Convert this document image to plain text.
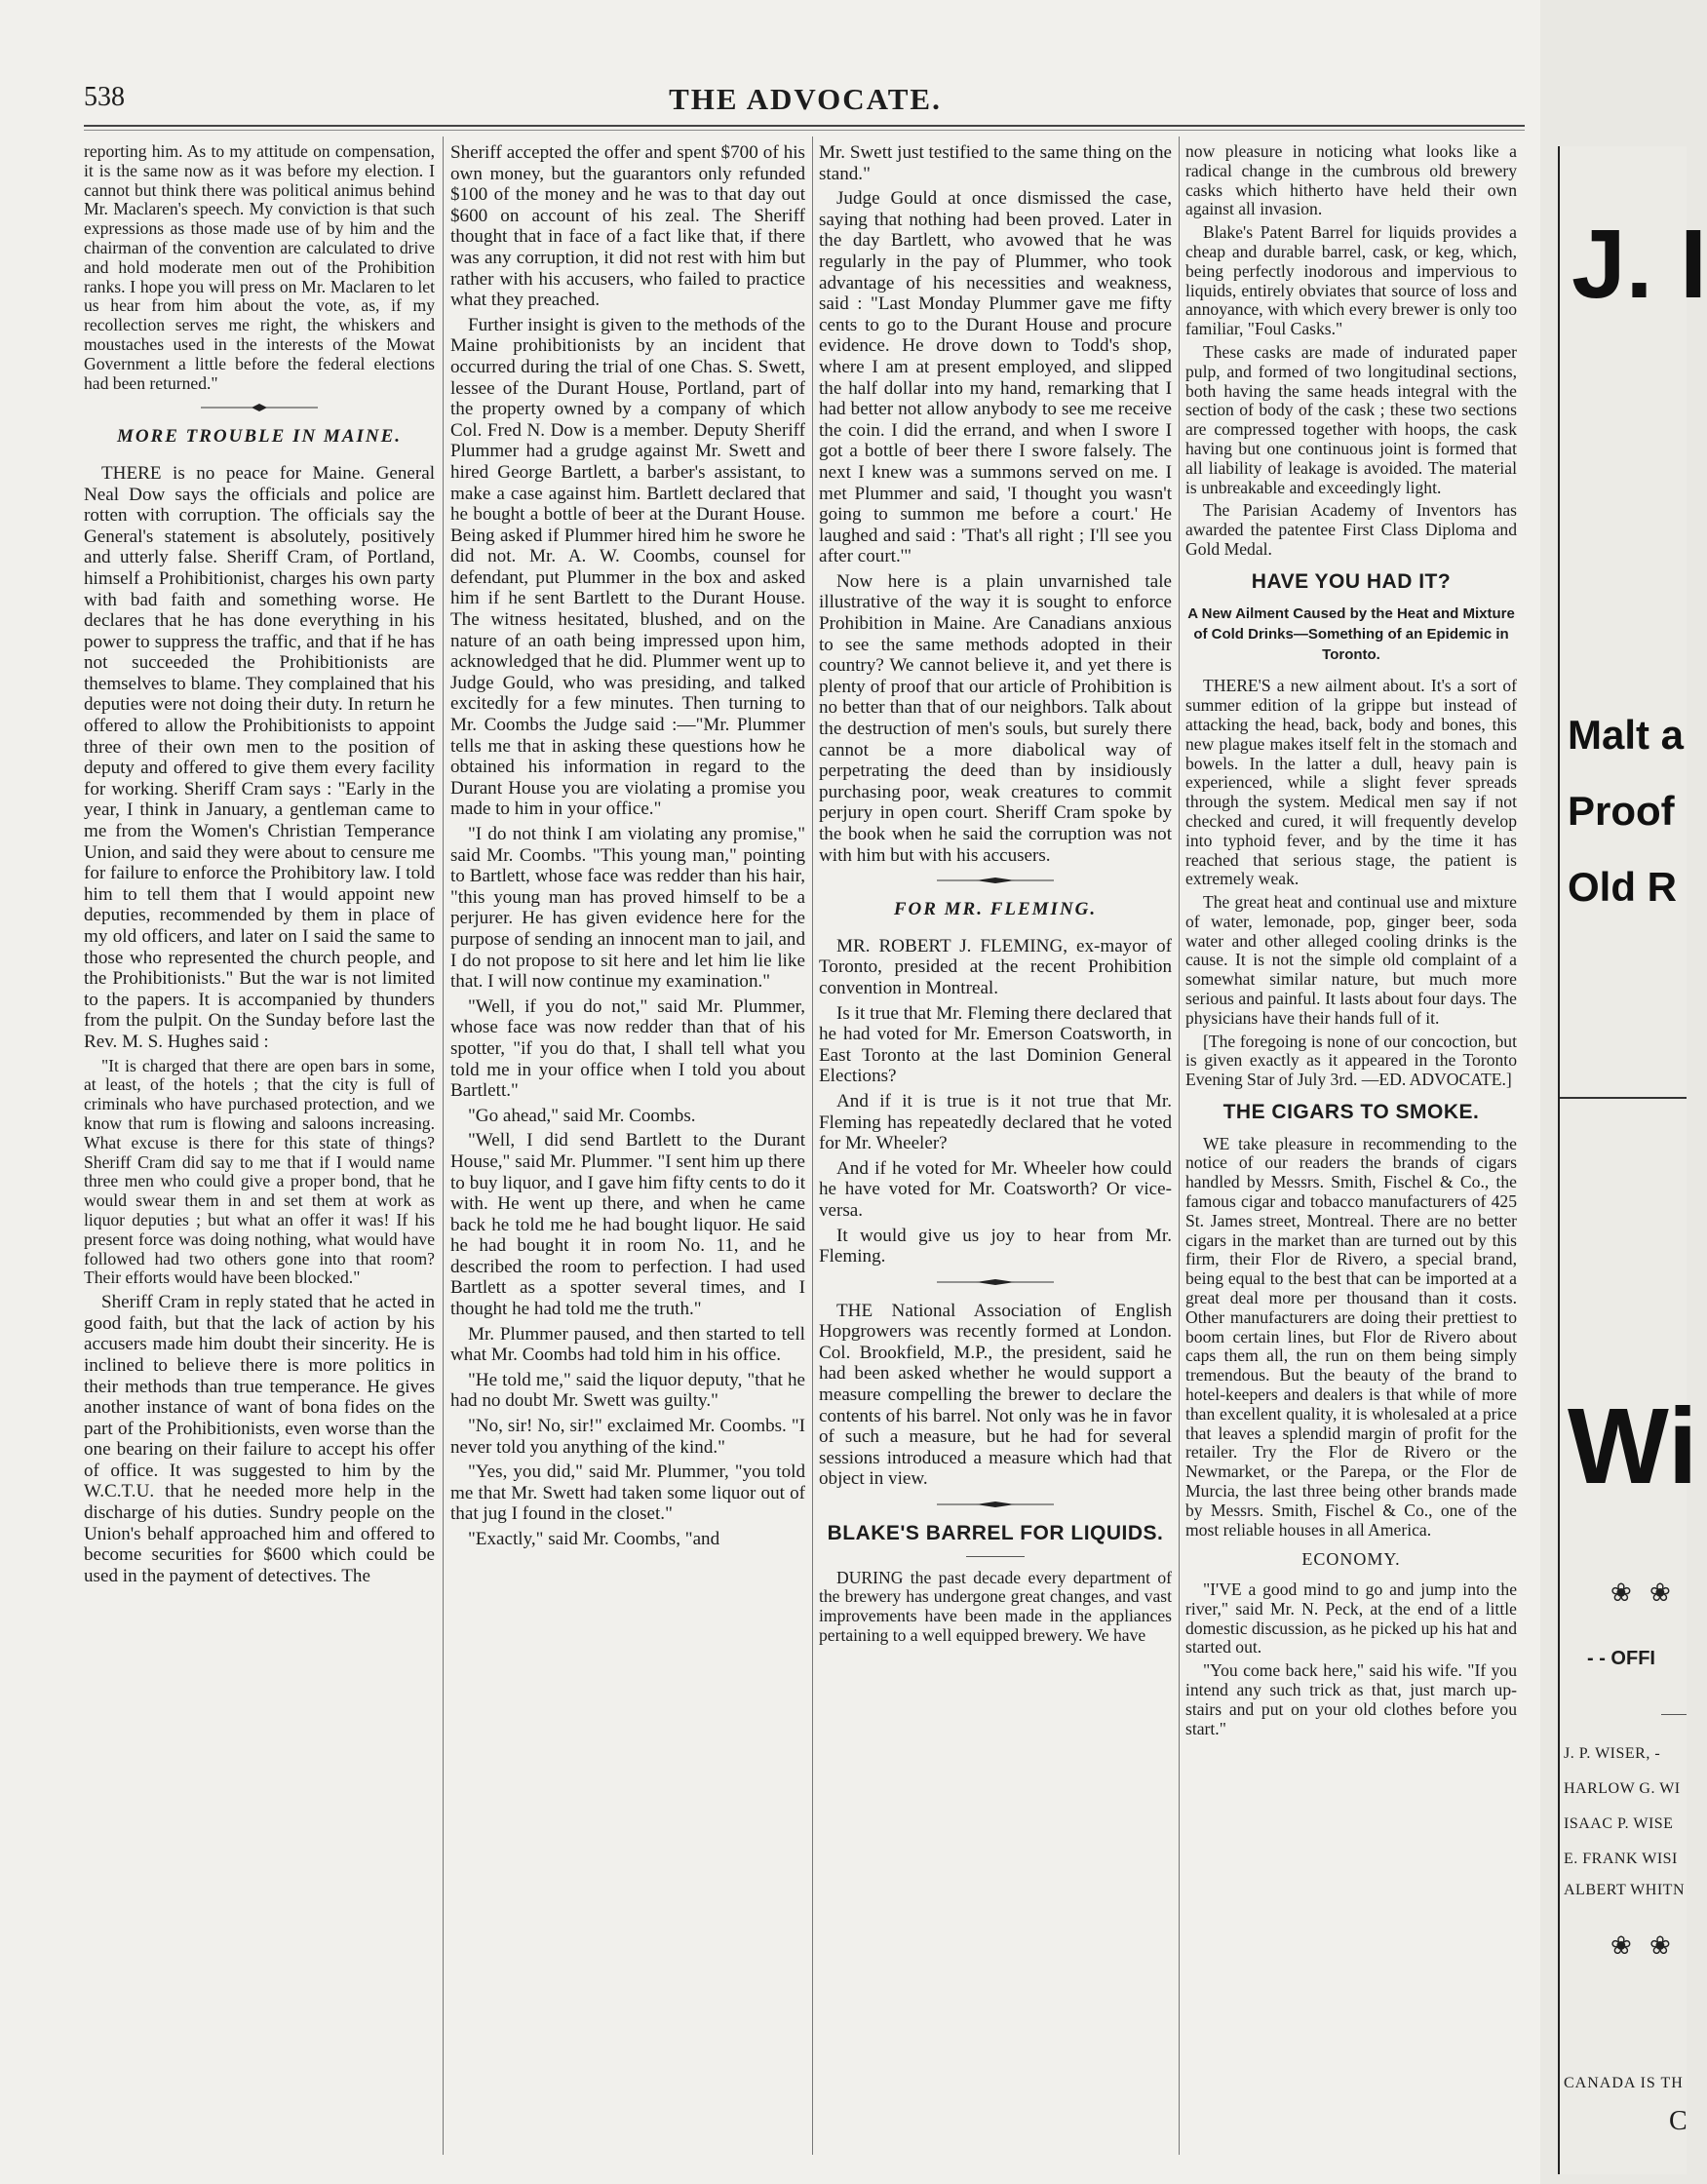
538	THE ADVOCATE.

reporting him. As to my attitude on compensation, it is the same now as it was before my election. I cannot but think there was political animus behind Mr. Maclaren's speech. My conviction is that such expressions as those made use of by him and the chairman of the convention are calculated to drive and hold moderate men out of the Prohibition ranks. I hope you will press on Mr. Maclaren to let us hear from him about the vote, as, if my recollection serves me right, the whiskers and moustaches used in the interests of the Mowat Government a little before the federal elections had been returned."

MORE TROUBLE IN MAINE.

THERE is no peace for Maine. General Neal Dow says the officials and police are rotten with corruption. The officials say the General's statement is absolutely, positively and utterly false. Sheriff Cram, of Portland, himself a Prohibitionist, charges his own party with bad faith and something worse. He declares that he has done everything in his power to suppress the traffic, and that if he has not succeeded the Prohibitionists are themselves to blame. They complained that his deputies were not doing their duty. In return he offered to allow the Prohibitionists to appoint three of their own men to the position of deputy and offered to give them every facility for working. Sheriff Cram says : "Early in the year, I think in January, a gentleman came to me from the Women's Christian Temperance Union, and said they were about to censure me for failure to enforce the Prohibitory law. I told him to tell them that I would appoint new deputies, recommended by them in place of my old officers, and later on I said the same to those who represented the church people, and the Prohibitionists." But the war is not limited to the papers. It is accompanied by thunders from the pulpit. On the Sunday before last the Rev. M. S. Hughes said :

"It is charged that there are open bars in some, at least, of the hotels ; that the city is full of criminals who have purchased protection, and we know that rum is flowing and saloons increasing. What excuse is there for this state of things? Sheriff Cram did say to me that if I would name three men who could give a proper bond, that he would swear them in and set them at work as liquor deputies ; but what an offer it was! If his present force was doing nothing, what would have followed had two others gone into that room? Their efforts would have been blocked."

Sheriff Cram in reply stated that he acted in good faith, but that the lack of action by his accusers made him doubt their sincerity. He is inclined to believe there is more politics in their methods than true temperance. He gives another instance of want of bona fides on the part of the Prohibitionists, even worse than the one bearing on their failure to accept his offer of office. It was suggested to him by the W.C.T.U. that he needed more help in the discharge of his duties. Sundry people on the Union's behalf approached him and offered to become securities for $600 which could be used in the payment of detectives. The

Sheriff accepted the offer and spent $700 of his own money, but the guarantors only refunded $100 of the money and he was to that day out $600 on account of his zeal. The Sheriff thought that in face of a fact like that, if there was any corruption, it did not rest with him but rather with his accusers, who failed to practice what they preached.

Further insight is given to the methods of the Maine prohibitionists by an incident that occurred during the trial of one Chas. S. Swett, lessee of the Durant House, Portland, part of the property owned by a company of which Col. Fred N. Dow is a member. Deputy Sheriff Plummer had a grudge against Mr. Swett and hired George Bartlett, a barber's assistant, to make a case against him. Bartlett declared that he bought a bottle of beer at the Durant House. Being asked if Plummer hired him he swore he did not. Mr. A. W. Coombs, counsel for defendant, put Plummer in the box and asked him if he sent Bartlett to the Durant House. The witness hesitated, blushed, and on the nature of an oath being impressed upon him, acknowledged that he did. Plummer went up to Judge Gould, who was presiding, and talked excitedly for a few minutes. Then turning to Mr. Coombs the Judge said :—"Mr. Plummer tells me that in asking these questions how he obtained his information in regard to the Durant House you are violating a promise you made to him in your office."

"I do not think I am violating any promise," said Mr. Coombs. "This young man," pointing to Bartlett, whose face was redder than his hair, "this young man has proved himself to be a perjurer. He has given evidence here for the purpose of sending an innocent man to jail, and I do not propose to sit here and let him lie like that. I will now continue my examination."

"Well, if you do not," said Mr. Plummer, whose face was now redder than that of his spotter, "if you do that, I shall tell what you told me in your office when I told you about Bartlett."

"Go ahead," said Mr. Coombs.

"Well, I did send Bartlett to the Durant House," said Mr. Plummer. "I sent him up there to buy liquor, and I gave him fifty cents to do it with. He went up there, and when he came back he told me he had bought liquor. He said he had bought it in room No. 11, and he described the room to perfection. I had used Bartlett as a spotter several times, and I thought he had told me the truth."

Mr. Plummer paused, and then started to tell what Mr. Coombs had told him in his office.

"He told me," said the liquor deputy, "that he had no doubt Mr. Swett was guilty."

"No, sir! No, sir!" exclaimed Mr. Coombs. "I never told you anything of the kind."

"Yes, you did," said Mr. Plummer, "you told me that Mr. Swett had taken some liquor out of that jug I found in the closet."

"Exactly," said Mr. Coombs, "and

Mr. Swett just testified to the same thing on the stand."

Judge Gould at once dismissed the case, saying that nothing had been proved. Later in the day Bartlett, who avowed that he was regularly in the pay of Plummer, who took advantage of his necessities and weakness, said : "Last Monday Plummer gave me fifty cents to go to the Durant House and procure evidence. He drove down to Todd's shop, where I am at present employed, and slipped the half dollar into my hand, remarking that I had better not allow anybody to see me receive the coin. I did the errand, and when I swore I got a bottle of beer there I swore falsely. The next I knew was a summons served on me. I met Plummer and said, 'I thought you wasn't going to summon me before a court.' He laughed and said : 'That's all right ; I'll see you after court.'"

Now here is a plain unvarnished tale illustrative of the way it is sought to enforce Prohibition in Maine. Are Canadians anxious to see the same methods adopted in their country? We cannot believe it, and yet there is plenty of proof that our article of Prohibition is no better than that of our neighbors. Talk about the destruction of men's souls, but surely there cannot be a more diabolical way of perpetrating the deed than by insidiously purchasing poor, weak creatures to commit perjury in open court. Sheriff Cram spoke by the book when he said the corruption was not with him but with his accusers.

FOR MR. FLEMING.

MR. ROBERT J. FLEMING, ex-mayor of Toronto, presided at the recent Prohibition convention in Montreal.

Is it true that Mr. Fleming there declared that he had voted for Mr. Emerson Coatsworth, in East Toronto at the last Dominion General Elections?

And if it is true is it not true that Mr. Fleming has repeatedly declared that he voted for Mr. Wheeler?

And if he voted for Mr. Wheeler how could he have voted for Mr. Coatsworth? Or vice-versa.

It would give us joy to hear from Mr. Fleming.

THE National Association of English Hopgrowers was recently formed at London. Col. Brookfield, M.P., the president, said he had been asked whether he would support a measure compelling the brewer to declare the contents of his barrel. Not only was he in favor of such a measure, but he had for several sessions introduced a measure which had that object in view.

BLAKE'S BARREL FOR LIQUIDS.

DURING the past decade every department of the brewery has undergone great changes, and vast improvements have been made in the appliances pertaining to a well equipped brewery. We have

now pleasure in noticing what looks like a radical change in the cumbrous old brewery casks which hitherto have held their own against all invasion.

Blake's Patent Barrel for liquids provides a cheap and durable barrel, cask, or keg, which, being perfectly inodorous and impervious to liquids, entirely obviates that source of loss and annoyance, with which every brewer is only too familiar, "Foul Casks."

These casks are made of indurated paper pulp, and formed of two longitudinal sections, both having the same heads integral with the section of body of the cask ; these two sections are compressed together with hoops, the cask having but one continuous joint is formed that all liability of leakage is avoided. The material is unbreakable and exceedingly light.

The Parisian Academy of Inventors has awarded the patentee First Class Diploma and Gold Medal.

HAVE YOU HAD IT?
A New Ailment Caused by the Heat and Mixture of Cold Drinks—Something of an Epidemic in Toronto.

THERE'S a new ailment about. It's a sort of summer edition of la grippe but instead of attacking the head, back, body and bones, this new plague makes itself felt in the stomach and bowels. In the latter a dull, heavy pain is experienced, while a slight fever spreads through the system. Medical men say if not checked and cured, it will frequently develop into typhoid fever, and by the time it has reached that serious stage, the patient is extremely weak.

The great heat and continual use and mixture of water, lemonade, pop, ginger beer, soda water and other alleged cooling drinks is the cause. It is not the simple old complaint of a somewhat similar nature, but much more serious and painful. It lasts about four days. The physicians have their hands full of it.

[The foregoing is none of our concoction, but is given exactly as it appeared in the Toronto Evening Star of July 3rd. —ED. ADVOCATE.]

THE CIGARS TO SMOKE.

WE take pleasure in recommending to the notice of our readers the brands of cigars handled by Messrs. Smith, Fischel & Co., the famous cigar and tobacco manufacturers of 425 St. James street, Montreal. There are no better cigars in the market than are turned out by this firm, their Flor de Rivero, a special brand, being equal to the best that can be imported at a great deal more per thousand than it costs. Other manufacturers are doing their prettiest to boom certain lines, but Flor de Rivero about caps them all, the run on them being simply tremendous. But the beauty of the brand to hotel-keepers and dealers is that while of more than excellent quality, it is wholesaled at a price that leaves a splendid margin of profit for the retailer. Try the Flor de Rivero or the Newmarket, or the Parepa, or the Flor de Murcia, the last three being other brands made by Messrs. Smith, Fischel & Co., one of the most reliable houses in all America.

ECONOMY.

"I'VE a good mind to go and jump into the river," said Mr. N. Peck, at the end of a little domestic discussion, as he picked up his hat and started out.

"You come back here," said his wife. "If you intend any such trick as that, just march up-stairs and put on your old clothes before you start."

J. I
Malt a
Proof
Old R
Wi
❀ ❀
- - OFFI
J. P. WISER, -
HARLOW G. WI
ISAAC P. WISE
E. FRANK WISI
ALBERT WHITN
❀ ❀
CANADA IS TH
C
